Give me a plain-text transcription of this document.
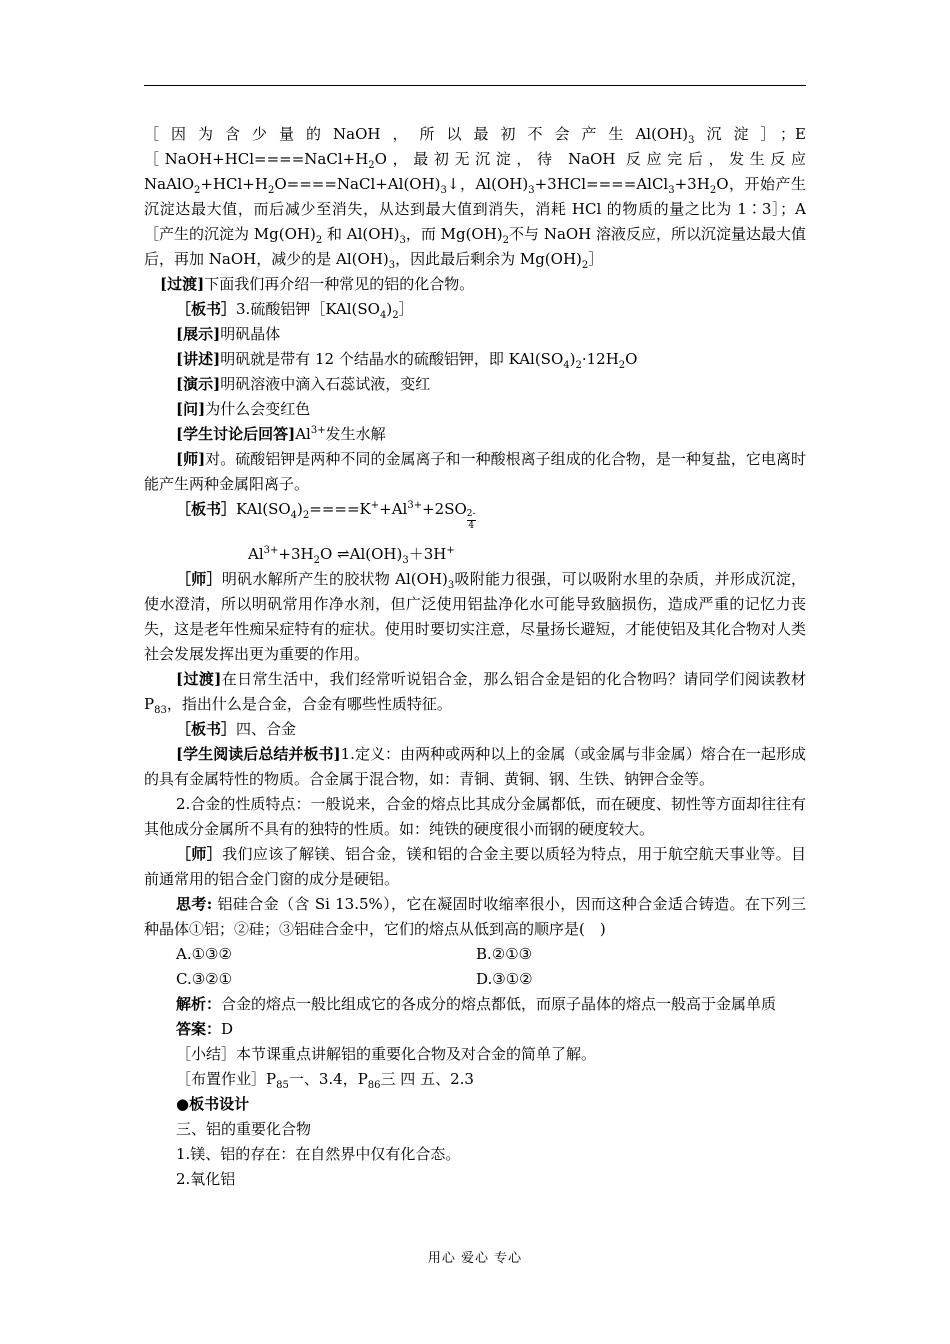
［因为含少量的NaOH，所以最初不会产生$Al(OH)_3$沉淀］；$E[NaOH+HCl====NaCl+H_2O$，最初无沉淀，待 NaOH 反应完后，发生反应 $NaAlO_2+HCl+H_2O====NaCl+Al(OH)_3↓$，$Al(OH)_3+3HCl====AlCl_3+3H_2O$，开始产生沉淀达最大值，而后减少至消失，从达到最大值到消失，消耗 HCl 的物质的量之比为 1∶3］；A［产生的沉淀为 $Mg(OH)_2$ 和 $Al(OH)_3$，而 $Mg(OH)_2$不与 NaOH 溶液反应，所以沉淀量达最大值后，再加 NaOH，减少的是 $Al(OH)_3$，因此最后剩余为 $Mg(OH)_2]$

[过渡]下面我们再介绍一种常见的铝的化合物。

［板书］3.硫酸铝钾$[KAl(SO_4)_2]$

[展示]明矾晶体

[讲述]明矾就是带有 12 个结晶水的硫酸铝钾，即 $KAl(SO_4)_2\cdot 12H_2O$

[演示]明矾溶液中滴入石蕊试液，变红

[问]为什么会变红色

[学生讨论后回答]$Al^{3+}$发生水解

[师]对。硫酸铝钾是两种不同的金属离子和一种酸根离子组成的化合物，是一种复盐，它电离时能产生两种金属阳离子。

［板书$]KAl(SO_4)_2====K^++Al^{3+}+2SO \frac{2-}{4}$

$Al^{3+}+3H_2O$ $\rightleftharpoons Al(OH)_3+3H^+$

［师］明矾水解所产生的胶状物 $Al(OH)_3$吸附能力很强，可以吸附水里的杂质，并形成沉淀，使水澄清，所以明矾常用作净水剂，但广泛使用铝盐净化水可能导致脑损伤，造成严重的记忆力丧失，这是老年性痴呆症特有的症状。使用时要切实注意，尽量扬长避短，才能使铝及其化合物对人类社会发展发挥出更为重要的作用。

[过渡]在日常生活中，我们经常听说铝合金，那么铝合金是铝的化合物吗？请同学们阅读教材 $P_{83}$，指出什么是合金，合金有哪些性质特征。

［板书］四、合金

[学生阅读后总结并板书]1.定义：由两种或两种以上的金属（或金属与非金属）熔合在一起形成的具有金属特性的物质。合金属于混合物，如：青铜、黄铜、钢、生铁、钠钾合金等。

2.合金的性质特点：一般说来，合金的熔点比其成分金属都低，而在硬度、韧性等方面却往往有其他成分金属所不具有的独特的性质。如：纯铁的硬度很小而钢的硬度较大。

［师］我们应该了解镁、铝合金，镁和铝的合金主要以质轻为特点，用于航空航天事业等。目前通常用的铝合金门窗的成分是硬铝。

思考: 铝硅合金（含 Si 13.5%），它在凝固时收缩率很小，因而这种合金适合铸造。在下列三种晶体①铝；②硅；③铝硅合金中，它们的熔点从低到高的顺序是(　)

A.①③②	B.②①③
C.③②①	D.③①②

解析：合金的熔点一般比组成它的各成分的熔点都低，而原子晶体的熔点一般高于金属单质

答案：D

［小结］本节课重点讲解铝的重要化合物及对合金的简单了解。

［布置作业$]P_{85}$一、3.4，$P_{86}$三 四 五、2.3

●板书设计

三、铝的重要化合物

1.镁、铝的存在：在自然界中仅有化合态。

2.氧化铝

用心 爱心 专心
